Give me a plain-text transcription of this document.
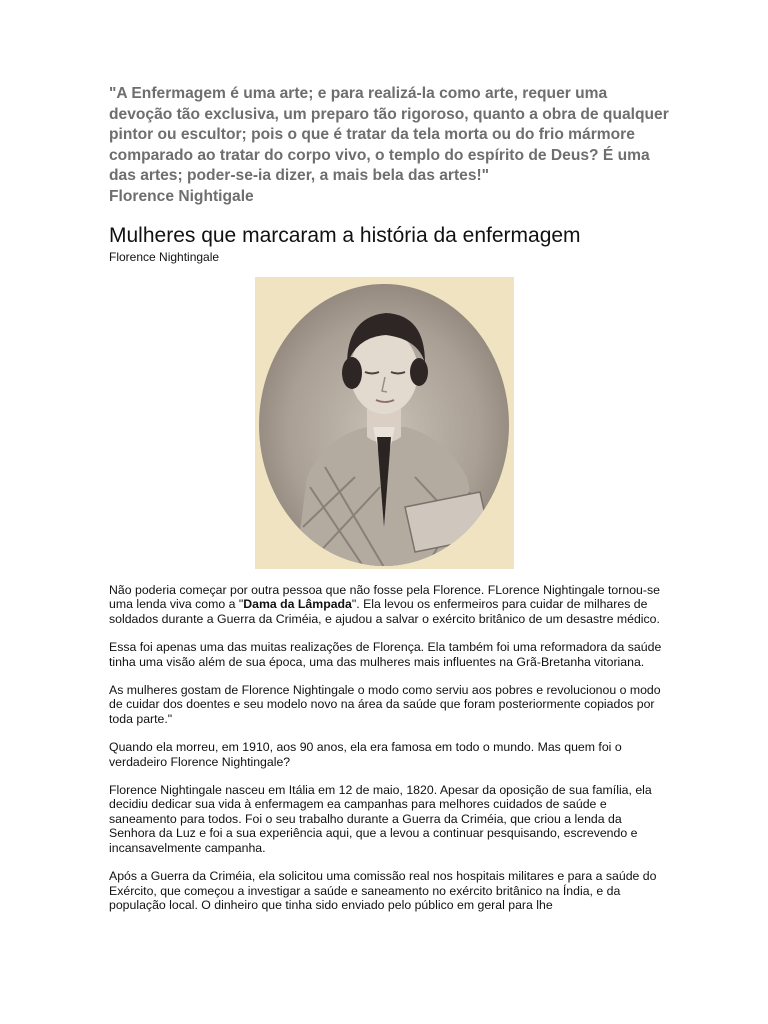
"A Enfermagem é uma arte; e para realizá-la como arte, requer uma devoção tão exclusiva, um preparo tão rigoroso, quanto a obra de qualquer pintor ou escultor; pois o que é tratar da tela morta ou do frio mármore comparado ao tratar do corpo vivo, o templo do espírito de Deus? É uma das artes; poder-se-ia dizer, a mais bela das artes!"
Florence Nightigale

Mulheres que marcaram a história da enfermagem

Florence Nightingale

Não poderia começar por outra pessoa que não fosse pela Florence. FLorence Nightingale tornou-se uma lenda viva como a "Dama da Lâmpada". Ela levou os enfermeiros para cuidar de milhares de soldados durante a Guerra da Criméia, e ajudou a salvar o exército britânico de um desastre médico.

Essa foi apenas uma das muitas realizações de Florença. Ela também foi uma reformadora da saúde tinha uma visão além de sua época, uma das mulheres mais influentes na Grã-Bretanha vitoriana.

As mulheres gostam de Florence Nightingale o modo como serviu aos pobres e revolucionou o modo de cuidar dos doentes e seu modelo novo na área da saúde que foram posteriormente copiados por toda parte."

Quando ela morreu, em 1910, aos 90 anos, ela era famosa em todo o mundo. Mas quem foi o verdadeiro Florence Nightingale?

Florence Nightingale nasceu em Itália em 12 de maio, 1820. Apesar da oposição de sua família, ela decidiu dedicar sua vida à enfermagem ea campanhas para melhores cuidados de saúde e saneamento para todos. Foi o seu trabalho durante a Guerra da Criméia, que criou a lenda da Senhora da Luz e foi a sua experiência aqui, que a levou a continuar pesquisando, escrevendo e incansavelmente campanha.

Após a Guerra da Criméia, ela solicitou uma comissão real nos hospitais militares e para a saúde do Exército, que começou a investigar a saúde e saneamento no exército britânico na Índia, e da população local. O dinheiro que tinha sido enviado pelo público em geral para lhe
